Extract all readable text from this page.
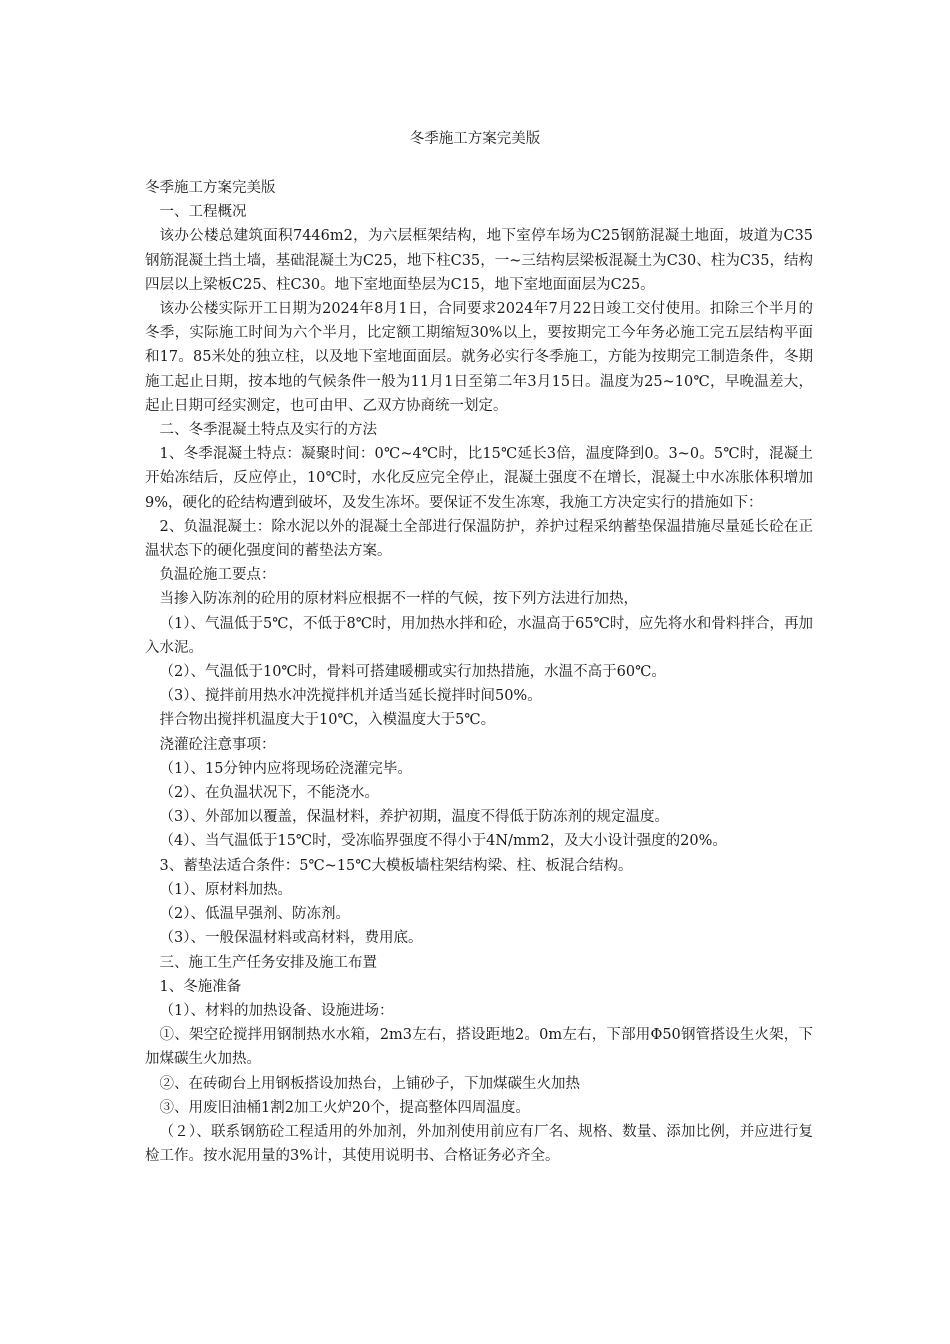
冬季施工方案完美版

冬季施工方案完美版

一、工程概况

该办公楼总建筑面积7446m2，为六层框架结构，地下室停车场为C25钢筋混凝土地面，坡道为C35钢筋混凝土挡土墙，基础混凝土为C25，地下柱C35，一~三结构层梁板混凝土为C30、柱为C35，结构四层以上梁板C25、柱C30。地下室地面垫层为C15，地下室地面面层为C25。

该办公楼实际开工日期为2024年8月1日，合同要求2024年7月22日竣工交付使用。扣除三个半月的冬季，实际施工时间为六个半月，比定额工期缩短30%以上，要按期完工今年务必施工完五层结构平面和17。85米处的独立柱，以及地下室地面面层。就务必实行冬季施工，方能为按期完工制造条件，冬期施工起止日期，按本地的气候条件一般为11月1日至第二年3月15日。温度为25~10℃，早晚温差大，起止日期可经实测定，也可由甲、乙双方协商统一划定。

二、冬季混凝土特点及实行的方法

1、冬季混凝土特点：凝聚时间：0℃~4℃时，比15℃延长3倍，温度降到0。3~0。5℃时，混凝土开始冻结后，反应停止，10℃时，水化反应完全停止，混凝土强度不在增长，混凝土中水冻胀体积增加9%，硬化的砼结构遭到破坏，及发生冻坏。要保证不发生冻寒，我施工方决定实行的措施如下：

2、负温混凝土：除水泥以外的混凝土全部进行保温防护，养护过程采纳蓄垫保温措施尽量延长砼在正温状态下的硬化强度间的蓄垫法方案。

负温砼施工要点：

当掺入防冻剂的砼用的原材料应根据不一样的气候，按下列方法进行加热，

（1）、气温低于5℃，不低于8℃时，用加热水拌和砼，水温高于65℃时，应先将水和骨料拌合，再加入水泥。

（2）、气温低于10℃时，骨料可搭建暖棚或实行加热措施，水温不高于60℃。

（3）、搅拌前用热水冲洗搅拌机并适当延长搅拌时间50%。

拌合物出搅拌机温度大于10℃，入模温度大于5℃。

浇灌砼注意事项：

（1）、15分钟内应将现场砼浇灌完毕。

（2）、在负温状况下，不能浇水。

（3）、外部加以覆盖，保温材料，养护初期，温度不得低于防冻剂的规定温度。

（4）、当气温低于15℃时，受冻临界强度不得小于4N/mm2，及大小设计强度的20%。

3、蓄垫法适合条件：5℃~15℃大模板墙柱架结构梁、柱、板混合结构。

（1）、原材料加热。

（2）、低温早强剂、防冻剂。

（3）、一般保温材料或高材料，费用底。

三、施工生产任务安排及施工布置

1、冬施准备

（1）、材料的加热设备、设施进场：

①、架空砼搅拌用钢制热水水箱，2m3左右，搭设距地2。0m左右，下部用Φ50钢管搭设生火架，下加煤碳生火加热。

②、在砖砌台上用钢板搭设加热台，上铺砂子，下加煤碳生火加热

③、用废旧油桶1割2加工火炉20个，提高整体四周温度。

（２）、联系钢筋砼工程适用的外加剂，外加剂使用前应有厂名、规格、数量、添加比例，并应进行复检工作。按水泥用量的3%计，其使用说明书、合格证务必齐全。
